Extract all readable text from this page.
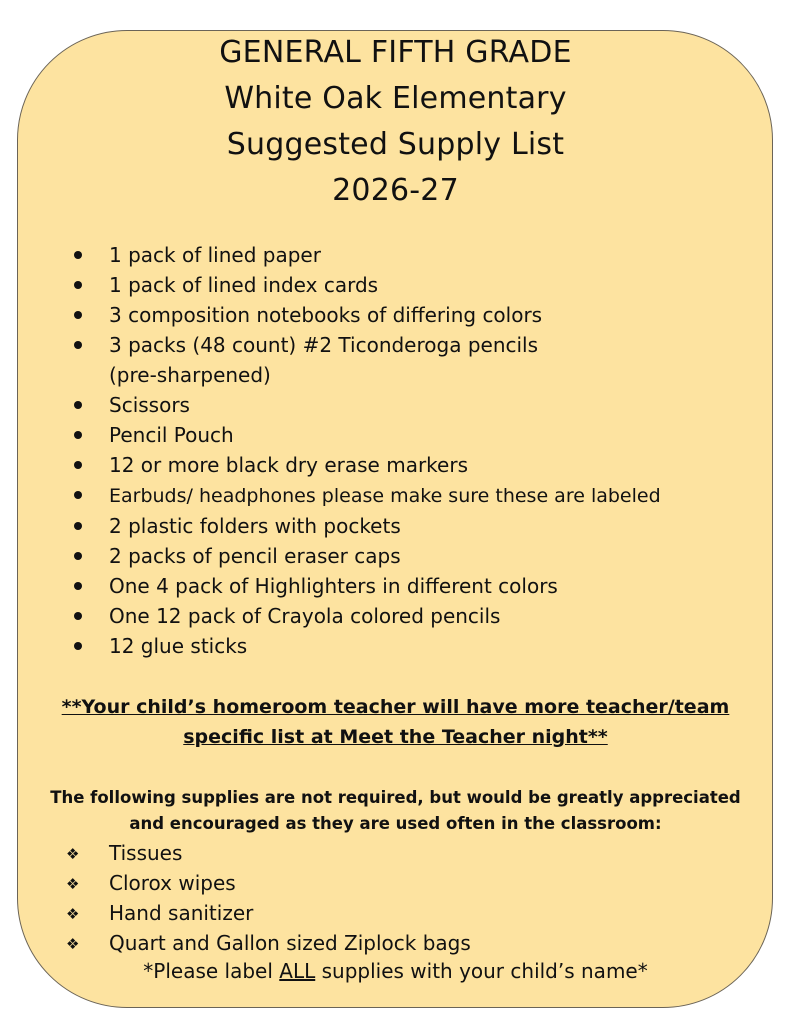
GENERAL FIFTH GRADE
White Oak Elementary
Suggested Supply List
2026-27
1 pack of lined paper
1 pack of lined index cards
3 composition notebooks of differing colors
3 packs (48 count) #2 Ticonderoga pencils
(pre-sharpened)
Scissors
Pencil Pouch
12 or more black dry erase markers
Earbuds/ headphones please make sure these are labeled
2 plastic folders with pockets
2 packs of pencil eraser caps
One 4 pack of Highlighters in different colors
One 12 pack of Crayola colored pencils
12 glue sticks
**Your child’s homeroom teacher will have more teacher/team
specific list at Meet the Teacher night**
The following supplies are not required, but would be greatly appreciated
and encouraged as they are used often in the classroom:
❖ Tissues
❖ Clorox wipes
❖ Hand sanitizer
❖ Quart and Gallon sized Ziplock bags
*Please label ALL supplies with your child’s name*
